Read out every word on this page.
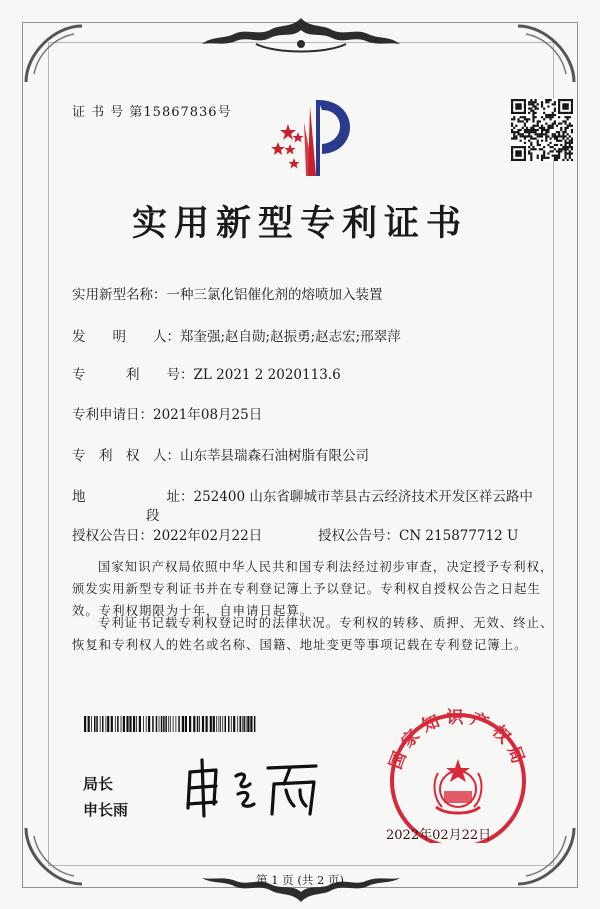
证 书 号 第15867836号
实用新型专利证书
实用新型名称：一种三氯化铝催化剂的熔喷加入装置
发　　明　　人：郑奎强;赵自勋;赵振勇;赵志宏;邢翠萍
专　　　利　　号：ZL 2021 2 2020113.6
专利申请日：2021年08月25日
专　利　权　人：山东莘县瑞森石油树脂有限公司
地　　　　　　址：252400 山东省聊城市莘县古云经济技术开发区祥云路中
段
授权公告日：2022年02月22日	授权公告号：CN 215877712 U
国家知识产权局依照中华人民共和国专利法经过初步审查，决定授予专利权，颁发实用新型专利证书并在专利登记簿上予以登记。专利权自授权公告之日起生效。专利权期限为十年，自申请日起算。
专利证书记载专利权登记时的法律状况。专利权的转移、质押、无效、终止、恢复和专利权人的姓名或名称、国籍、地址变更等事项记载在专利登记簿上。
局长
申长雨
国家知识产权局
2022年02月22日
第 1 页 (共 2 页)
